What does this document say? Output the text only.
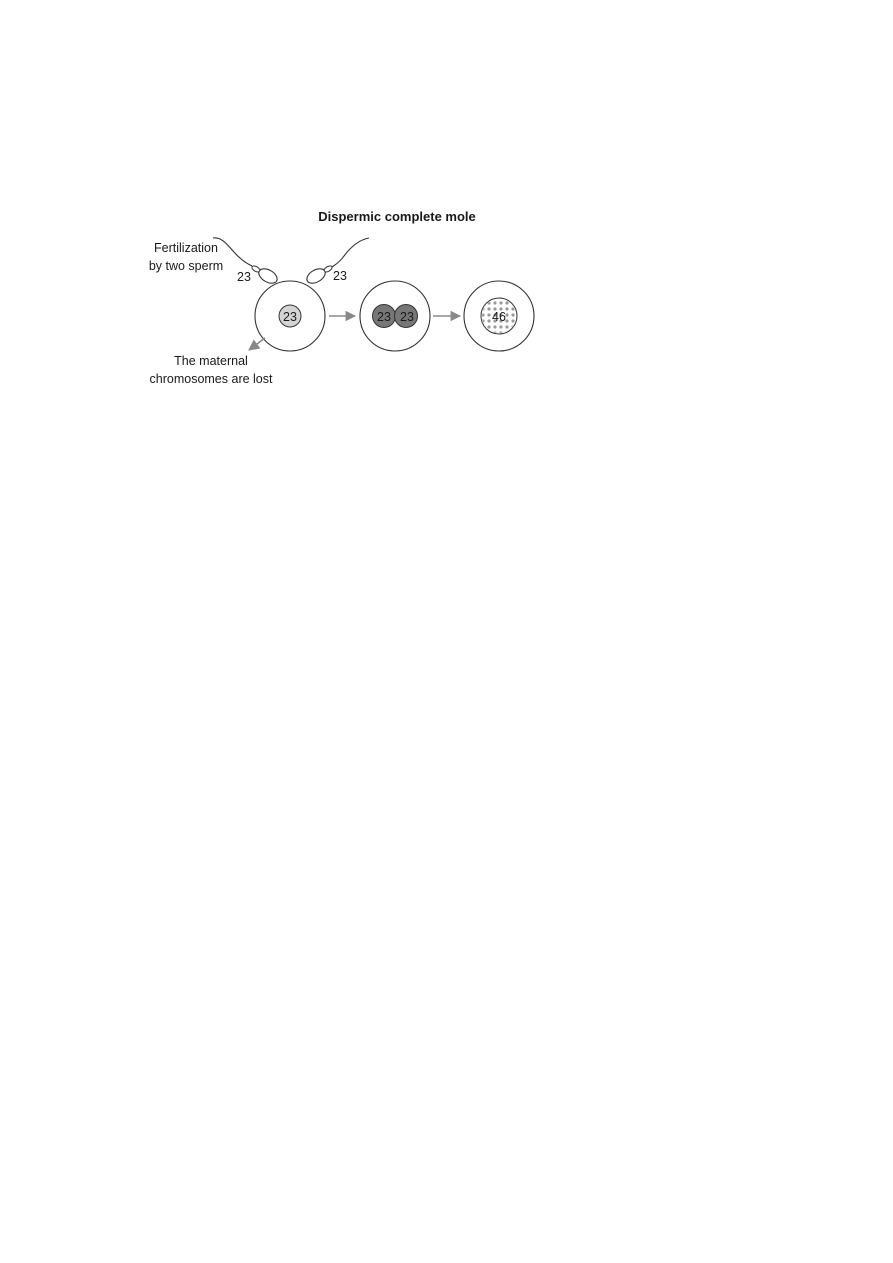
Dispermic complete mole
Fertilization
by two sperm
23	23
23
The maternal
chromosomes are lost
23 23	46
